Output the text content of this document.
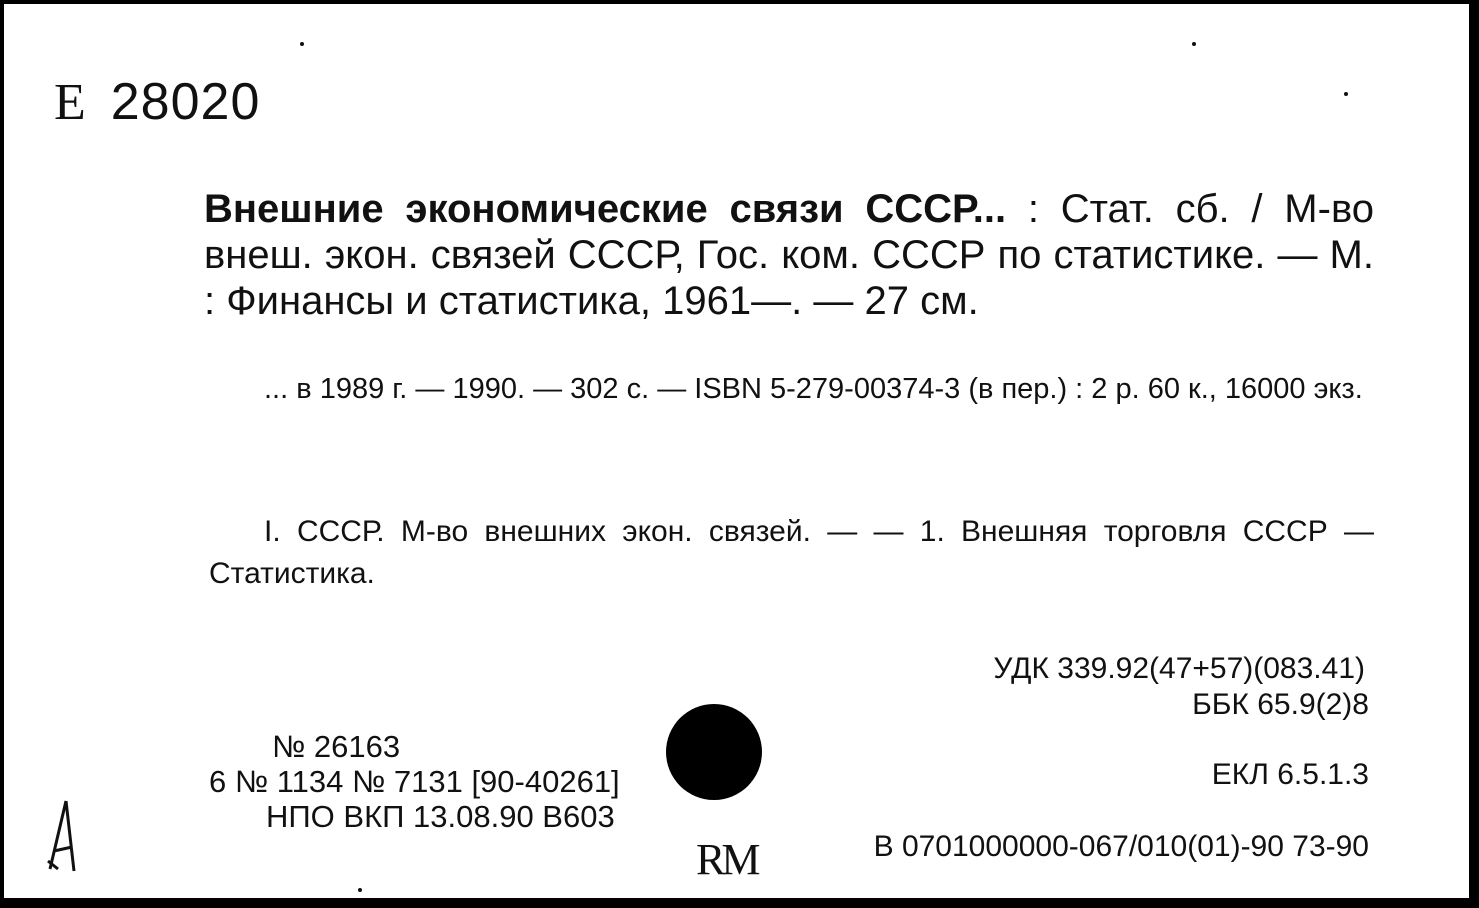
Е 28020
Внешние экономические связи СССР... : Стат. сб. / М-во внеш. экон. связей СССР, Гос. ком. СССР по статистике. — М. : Финансы и статистика, 1961—. — 27 см.
... в 1989 г. — 1990. — 302 с. — ISBN 5-279-00374-3 (в пер.) : 2 р. 60 к., 16000 экз.
I. СССР. М-во внешних экон. связей. — — 1. Внешняя торговля СССР — Статистика.
УДК 339.92(47+57)(083.41)
ББК 65.9(2)8
ЕКЛ 6.5.1.3
№ 26163
6 № 1134 № 7131 [90-40261]
НПО ВКП 13.08.90 В603
RM	В 0701000000-067/010(01)-90 73-90
